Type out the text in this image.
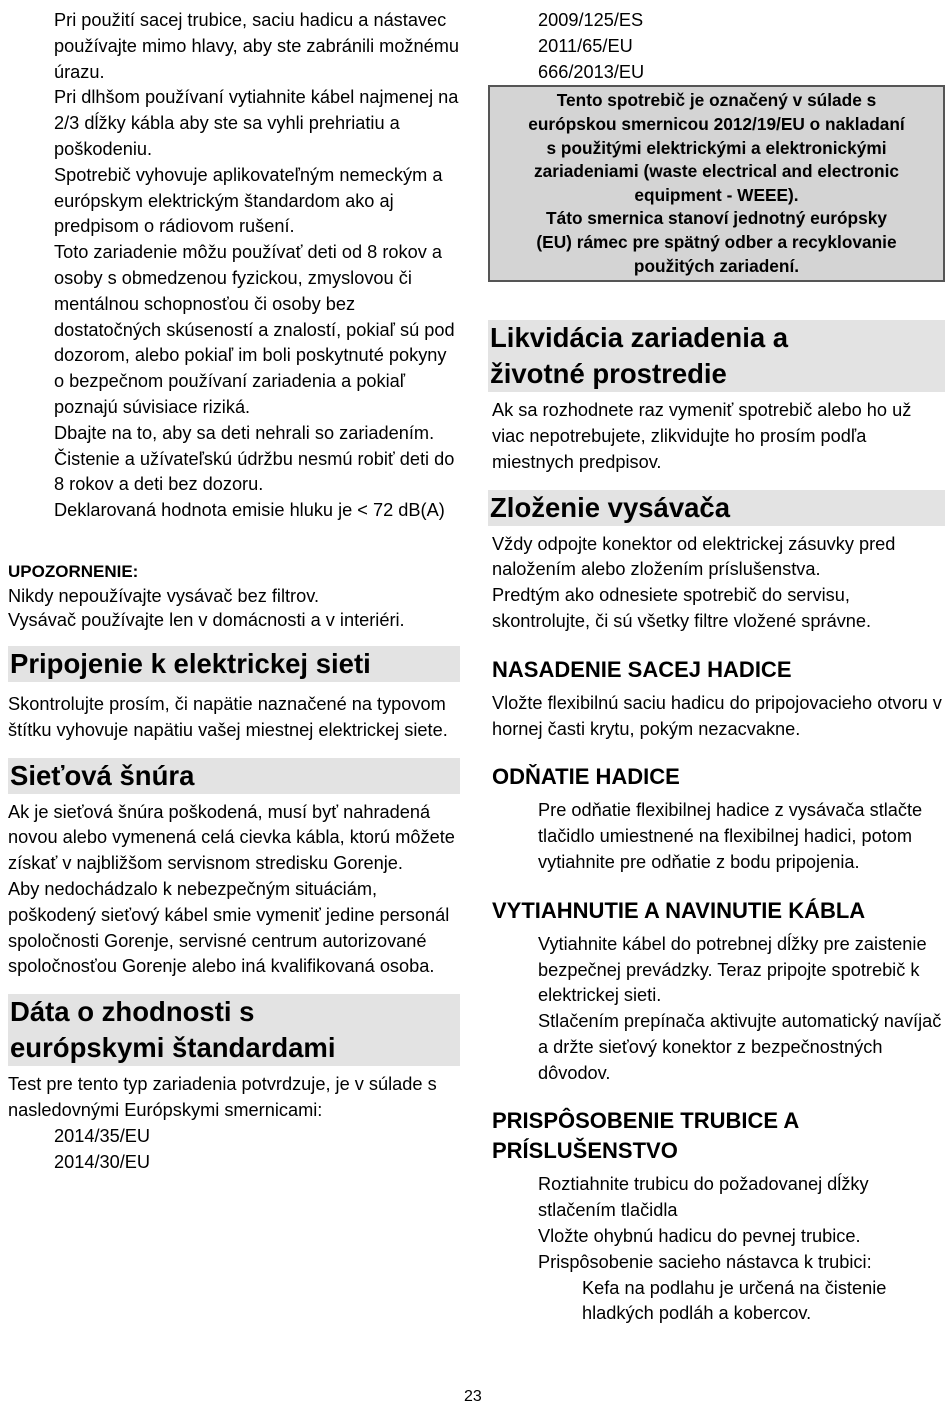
Pri použití sacej trubice, saciu hadicu a nástavec používajte mimo hlavy, aby ste zabránili možnému úrazu.

Pri dlhšom používaní vytiahnite kábel najmenej na 2/3 dĺžky kábla aby ste sa vyhli prehriatiu a poškodeniu.

Spotrebič vyhovuje aplikovateľným nemeckým a európskym elektrickým štandardom ako aj predpisom o rádiovom rušení.

Toto zariadenie môžu používať deti od 8 rokov a osoby s obmedzenou fyzickou, zmyslovou či mentálnou schopnosťou či osoby bez dostatočných skúseností a znalostí, pokiaľ sú pod dozorom, alebo pokiaľ im boli poskytnuté pokyny o bezpečnom používaní zariadenia a pokiaľ poznajú súvisiace riziká.

Dbajte na to, aby sa deti nehrali so zariadením. Čistenie a užívateľskú údržbu nesmú robiť deti do 8 rokov a deti bez dozoru.

Deklarovaná hodnota emisie hluku je < 72 dB(A)

UPOZORNENIE:

Nikdy nepoužívajte vysávač bez filtrov.

Vysávač používajte len v domácnosti a v interiéri.

Pripojenie k elektrickej sieti

Skontrolujte prosím, či napätie naznačené na typovom štítku vyhovuje napätiu vašej miestnej elektrickej siete.

Sieťová šnúra

Ak je sieťová šnúra poškodená, musí byť nahradená novou alebo vymenená celá cievka kábla, ktorú môžete získať v najbližšom servisnom stredisku Gorenje.

Aby nedochádzalo k nebezpečným situáciám, poškodený sieťový kábel smie vymeniť jedine personál spoločnosti Gorenje, servisné centrum autorizované spoločnosťou Gorenje alebo iná kvalifikovaná osoba.

Dáta o zhodnosti s
európskymi štandardami

Test pre tento typ zariadenia potvrdzuje, je v súlade s nasledovnými Európskymi smernicami:

2014/35/EU

2014/30/EU

2009/125/ES

2011/65/EU

666/2013/EU

Tento spotrebič je označený v súlade s
európskou smernicou 2012/19/EU o nakladaní
s použitými elektrickými a elektronickými
zariadeniami (waste electrical and electronic
equipment - WEEE).
Táto smernica stanoví jednotný európsky
(EU) rámec pre spätný odber a recyklovanie
použitých zariadení.
Likvidácia zariadenia a
životné prostredie

Ak sa rozhodnete raz vymeniť spotrebič alebo ho už viac nepotrebujete, zlikvidujte ho prosím podľa miestnych predpisov.

Zloženie vysávača

Vždy odpojte konektor od elektrickej zásuvky pred naložením alebo zložením príslušenstva.

Predtým ako odnesiete spotrebič do servisu, skontrolujte, či sú všetky filtre vložené správne.

NASADENIE SACEJ HADICE

Vložte flexibilnú saciu hadicu do pripojovacieho otvoru v hornej časti krytu, pokým nezacvakne.

ODŇATIE HADICE

Pre odňatie flexibilnej hadice z vysávača stlačte tlačidlo umiestnené na flexibilnej hadici, potom vytiahnite pre odňatie z bodu pripojenia.

VYTIAHNUTIE A NAVINUTIE KÁBLA

Vytiahnite kábel do potrebnej dĺžky pre zaistenie bezpečnej prevádzky. Teraz pripojte spotrebič k elektrickej sieti.

Stlačením prepínača aktivujte automatický navíjač a držte sieťový konektor z bezpečnostných dôvodov.

PRISPÔSOBENIE TRUBICE A
PRÍSLUŠENSTVO

Roztiahnite trubicu do požadovanej dĺžky stlačením tlačidla

Vložte ohybnú hadicu do pevnej trubice.

Prispôsobenie sacieho nástavca k trubici:

Kefa na podlahu je určená na čistenie hladkých podláh a kobercov.

23
